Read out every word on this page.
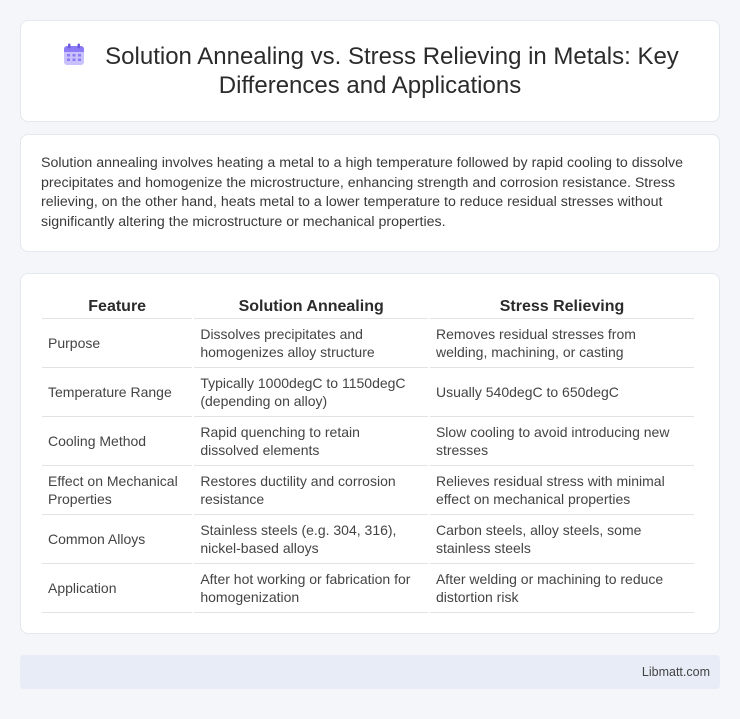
Solution Annealing vs. Stress Relieving in Metals: Key Differences and Applications

Solution annealing involves heating a metal to a high temperature followed by rapid cooling to dissolve precipitates and homogenize the microstructure, enhancing strength and corrosion resistance. Stress relieving, on the other hand, heats metal to a lower temperature to reduce residual stresses without significantly altering the microstructure or mechanical properties.

Feature	Solution Annealing	Stress Relieving
Purpose	Dissolves precipitates and homogenizes alloy structure	Removes residual stresses from welding, machining, or casting
Temperature Range	Typically 1000degC to 1150degC (depending on alloy)	Usually 540degC to 650degC
Cooling Method	Rapid quenching to retain dissolved elements	Slow cooling to avoid introducing new stresses
Effect on Mechanical Properties	Restores ductility and corrosion resistance	Relieves residual stress with minimal effect on mechanical properties
Common Alloys	Stainless steels (e.g. 304, 316), nickel-based alloys	Carbon steels, alloy steels, some stainless steels
Application	After hot working or fabrication for homogenization	After welding or machining to reduce distortion risk
Libmatt.com
